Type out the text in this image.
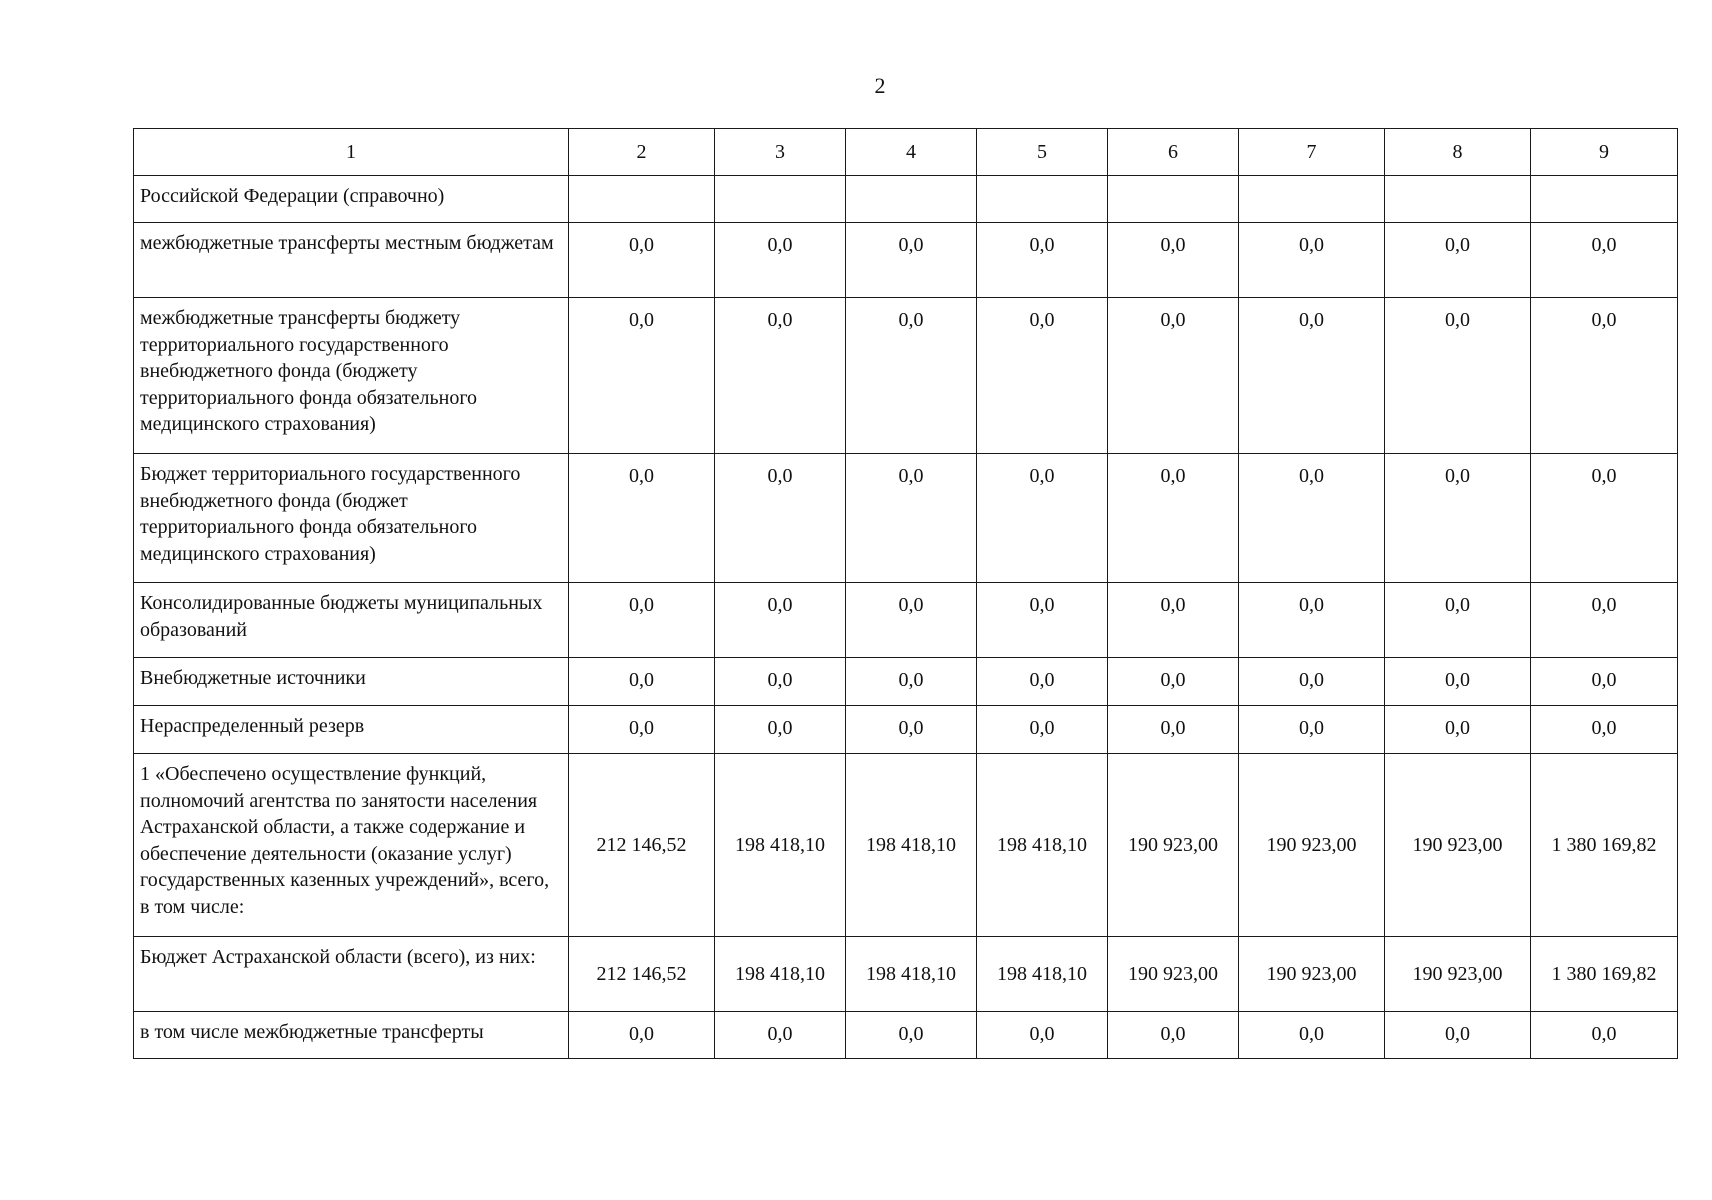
2
1	2	3	4	5	6	7	8	9
Российской Федерации (справочно)								
межбюджетные трансферты местным бюджетам	0,0	0,0	0,0	0,0	0,0	0,0	0,0	0,0
межбюджетные трансферты бюджету территориального государственного внебюджетного фонда (бюджету территориального фонда обязательного медицинского страхования)	0,0	0,0	0,0	0,0	0,0	0,0	0,0	0,0
Бюджет территориального государственного внебюджетного фонда (бюджет территориального фонда обязательного медицинского страхования)	0,0	0,0	0,0	0,0	0,0	0,0	0,0	0,0
Консолидированные бюджеты муниципальных образований	0,0	0,0	0,0	0,0	0,0	0,0	0,0	0,0
Внебюджетные источники	0,0	0,0	0,0	0,0	0,0	0,0	0,0	0,0
Нераспределенный резерв	0,0	0,0	0,0	0,0	0,0	0,0	0,0	0,0
1 «Обеспечено осуществление функций, полномочий агентства по занятости населения Астраханской области, а также содержание и обеспечение деятельности (оказание услуг) государственных казенных учреждений», всего, в том числе:	212 146,52	198 418,10	198 418,10	198 418,10	190 923,00	190 923,00	190 923,00	1 380 169,82
Бюджет Астраханской области (всего), из них:	212 146,52	198 418,10	198 418,10	198 418,10	190 923,00	190 923,00	190 923,00	1 380 169,82
в том числе межбюджетные трансферты	0,0	0,0	0,0	0,0	0,0	0,0	0,0	0,0
